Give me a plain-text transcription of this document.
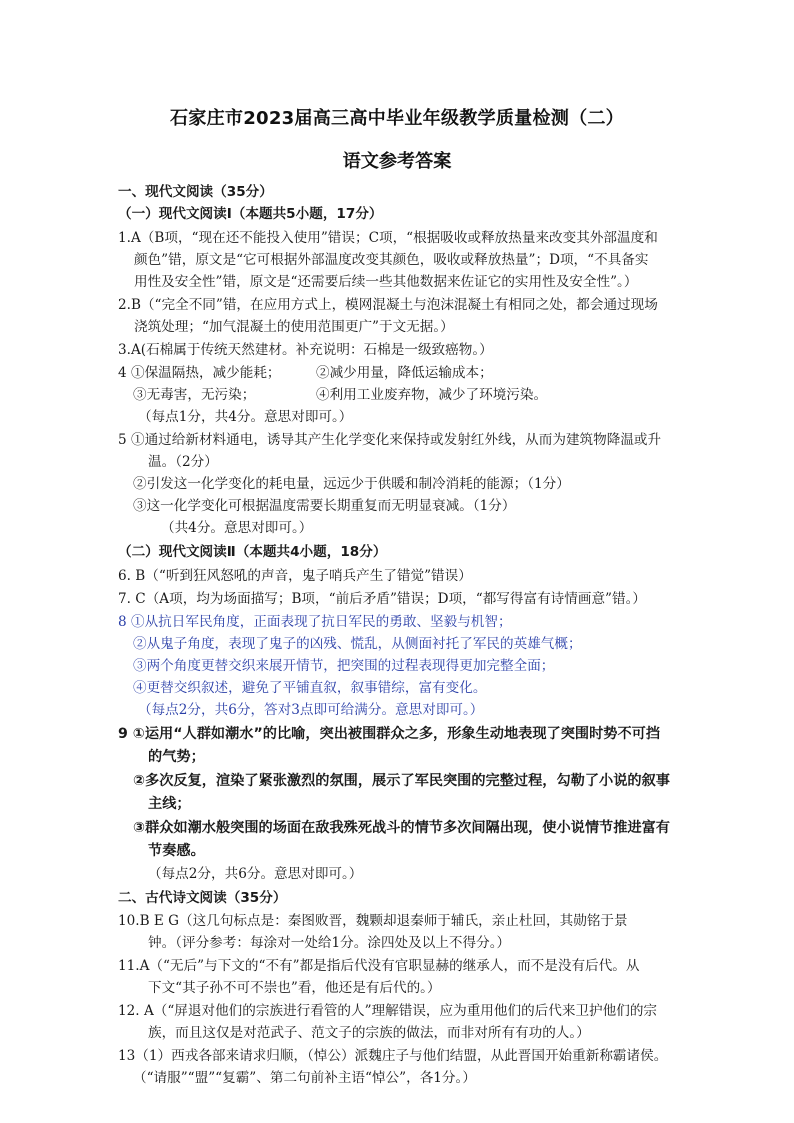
石家庄市2023届高三高中毕业年级教学质量检测（二）
语文参考答案
一、现代文阅读（35分）
（一）现代文阅读Ⅰ（本题共5小题，17分）
1.A（B项，“现在还不能投入使用”错误；C项，“根据吸收或释放热量来改变其外部温度和
颜色”错，原文是“它可根据外部温度改变其颜色，吸收或释放热量”；D项，“不具备实
用性及安全性”错，原文是“还需要后续一些其他数据来佐证它的实用性及安全性”。）
2.B（“完全不同”错，在应用方式上，模网混凝土与泡沫混凝土有相同之处，都会通过现场
浇筑处理；“加气混凝土的使用范围更广”于文无据。）
3.A(石棉属于传统天然建材。补充说明：石棉是一级致癌物。）
4 ①保温隔热，减少能耗；	②减少用量，降低运输成本；
③无毒害，无污染；	④利用工业废弃物，减少了环境污染。
（每点1分，共4分。意思对即可。）
5 ①通过给新材料通电，诱导其产生化学变化来保持或发射红外线，从而为建筑物降温或升
温。（2分）
②引发这一化学变化的耗电量，远远少于供暖和制冷消耗的能源；（1分）
③这一化学变化可根据温度需要长期重复而无明显衰减。（1分）
（共4分。意思对即可。）
（二）现代文阅读Ⅱ（本题共4小题，18分）
6. B（“听到狂风怒吼的声音，鬼子哨兵产生了错觉”错误）
7. C（A项，均为场面描写；B项，“前后矛盾”错误；D项，“都写得富有诗情画意”错。）
8 ①从抗日军民角度，正面表现了抗日军民的勇敢、坚毅与机智；
②从鬼子角度，表现了鬼子的凶残、慌乱，从侧面衬托了军民的英雄气概；
③两个角度更替交织来展开情节，把突围的过程表现得更加完整全面；
④更替交织叙述，避免了平铺直叙，叙事错综，富有变化。
（每点2分，共6分，答对3点即可给满分。意思对即可。）
9 ①运用“人群如潮水”的比喻，突出被围群众之多，形象生动地表现了突围时势不可挡
的气势；
②多次反复，渲染了紧张激烈的氛围，展示了军民突围的完整过程，勾勒了小说的叙事
主线；
③群众如潮水般突围的场面在敌我殊死战斗的情节多次间隔出现，使小说情节推进富有
节奏感。
（每点2分，共6分。意思对即可。）
二、古代诗文阅读（35分）
10.B E G（这几句标点是：秦图败晋，魏颗却退秦师于辅氏，亲止杜回，其勋铭于景
钟。（评分参考：每涂对一处给1分。涂四处及以上不得分。）
11.A（“无后”与下文的“不有”都是指后代没有官职显赫的继承人，而不是没有后代。从
下文“其子孙不可不崇也”看，他还是有后代的。）
12. A（“屏退对他们的宗族进行看管的人”理解错误，应为重用他们的后代来卫护他们的宗
族，而且这仅是对范武子、范文子的宗族的做法，而非对所有有功的人。）
13（1）西戎各部来请求归顺，（悼公）派魏庄子与他们结盟，从此晋国开始重新称霸诸侯。
（“请服”“盟”“复霸”、第二句前补主语“悼公”，各1分。）
